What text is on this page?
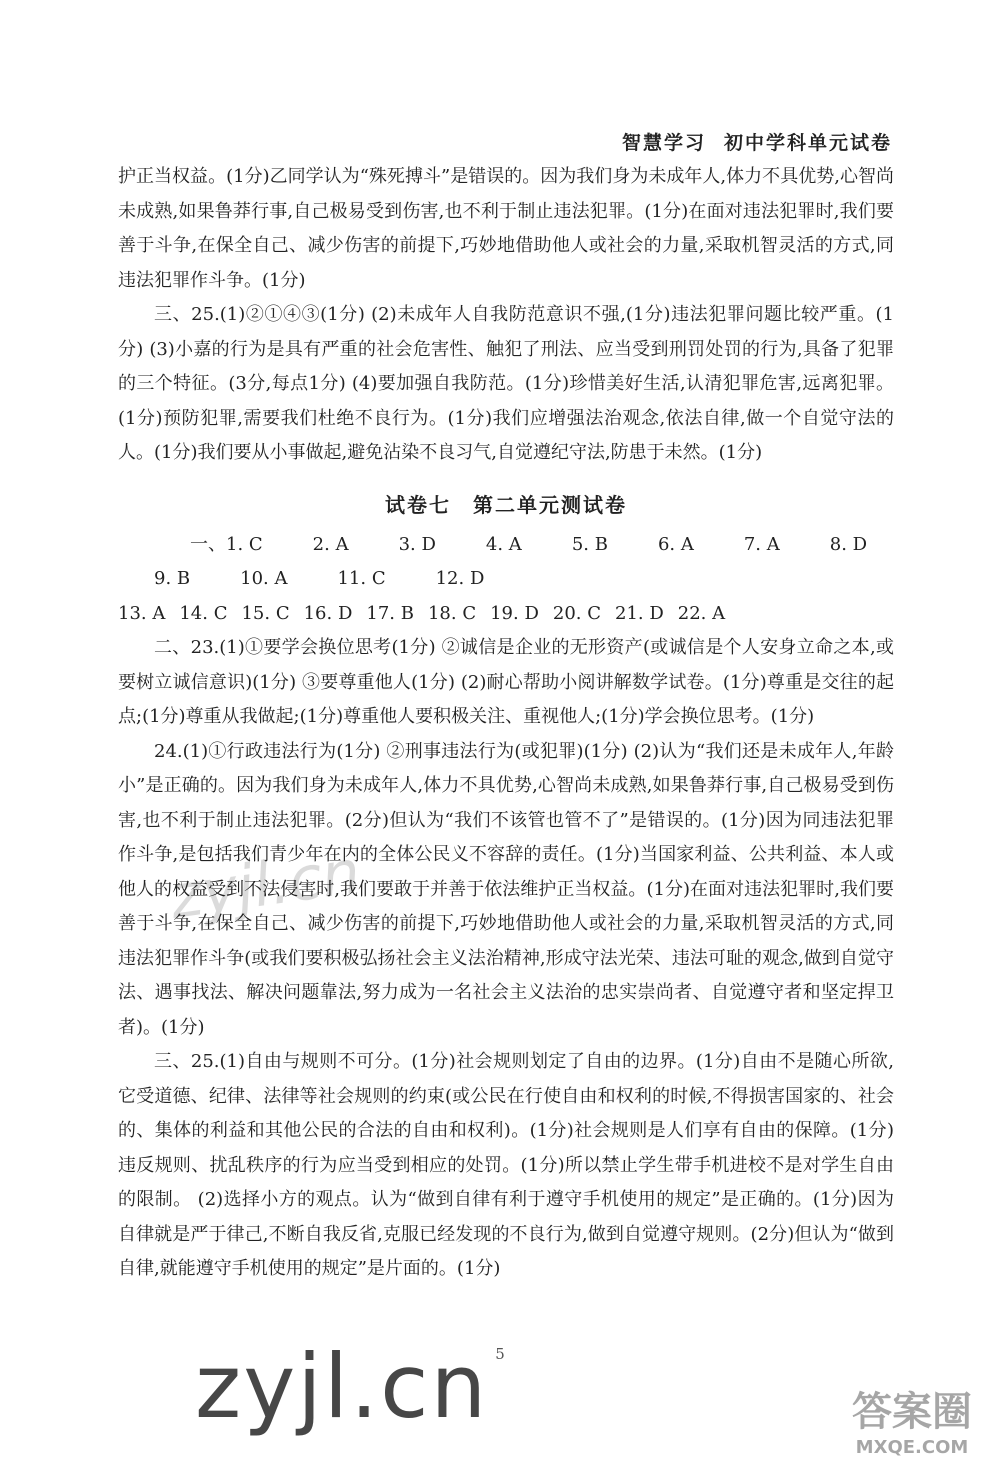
智慧学习 初中学科单元试卷

护正当权益。(1分)乙同学认为“殊死搏斗”是错误的。因为我们身为未成年人,体力不具优势,心智尚未成熟,如果鲁莽行事,自己极易受到伤害,也不利于制止违法犯罪。(1分)在面对违法犯罪时,我们要善于斗争,在保全自己、减少伤害的前提下,巧妙地借助他人或社会的力量,采取机智灵活的方式,同违法犯罪作斗争。(1分)

三、25.(1)②①④③(1分) (2)未成年人自我防范意识不强,(1分)违法犯罪问题比较严重。(1分) (3)小嘉的行为是具有严重的社会危害性、触犯了刑法、应当受到刑罚处罚的行为,具备了犯罪的三个特征。(3分,每点1分) (4)要加强自我防范。(1分)珍惜美好生活,认清犯罪危害,远离犯罪。(1分)预防犯罪,需要我们杜绝不良行为。(1分)我们应增强法治观念,依法自律,做一个自觉守法的人。(1分)我们要从小事做起,避免沾染不良习气,自觉遵纪守法,防患于未然。(1分)

试卷七 第二单元测试卷

一、1. C	2. A	3. D	4. A	5. B	6. A	7. A	8. D9. B	10. A	11. C	12. D

13. A 14. C 15. C 16. D 17. B 18. C 19. D 20. C 21. D 22. A

二、23.(1)①要学会换位思考(1分) ②诚信是企业的无形资产(或诚信是个人安身立命之本,或要树立诚信意识)(1分) ③要尊重他人(1分) (2)耐心帮助小阅讲解数学试卷。(1分)尊重是交往的起点;(1分)尊重从我做起;(1分)尊重他人要积极关注、重视他人;(1分)学会换位思考。(1分)

24.(1)①行政违法行为(1分) ②刑事违法行为(或犯罪)(1分) (2)认为“我们还是未成年人,年龄小”是正确的。因为我们身为未成年人,体力不具优势,心智尚未成熟,如果鲁莽行事,自己极易受到伤害,也不利于制止违法犯罪。(2分)但认为“我们不该管也管不了”是错误的。(1分)因为同违法犯罪作斗争,是包括我们青少年在内的全体公民义不容辞的责任。(1分)当国家利益、公共利益、本人或他人的权益受到不法侵害时,我们要敢于并善于依法维护正当权益。(1分)在面对违法犯罪时,我们要善于斗争,在保全自己、减少伤害的前提下,巧妙地借助他人或社会的力量,采取机智灵活的方式,同违法犯罪作斗争(或我们要积极弘扬社会主义法治精神,形成守法光荣、违法可耻的观念,做到自觉守法、遇事找法、解决问题靠法,努力成为一名社会主义法治的忠实崇尚者、自觉遵守者和坚定捍卫者)。(1分)

三、25.(1)自由与规则不可分。(1分)社会规则划定了自由的边界。(1分)自由不是随心所欲,它受道德、纪律、法律等社会规则的约束(或公民在行使自由和权利的时候,不得损害国家的、社会的、集体的利益和其他公民的合法的自由和权利)。(1分)社会规则是人们享有自由的保障。(1分)违反规则、扰乱秩序的行为应当受到相应的处罚。(1分)所以禁止学生带手机进校不是对学生自由的限制。 (2)选择小方的观点。认为“做到自律有利于遵守手机使用的规定”是正确的。(1分)因为自律就是严于律己,不断自我反省,克服已经发现的不良行为,做到自觉遵守规则。(2分)但认为“做到自律,就能遵守手机使用的规定”是片面的。(1分)

5
zyjl.cn
zyjl.cn	答案圈
MXQE.COM
